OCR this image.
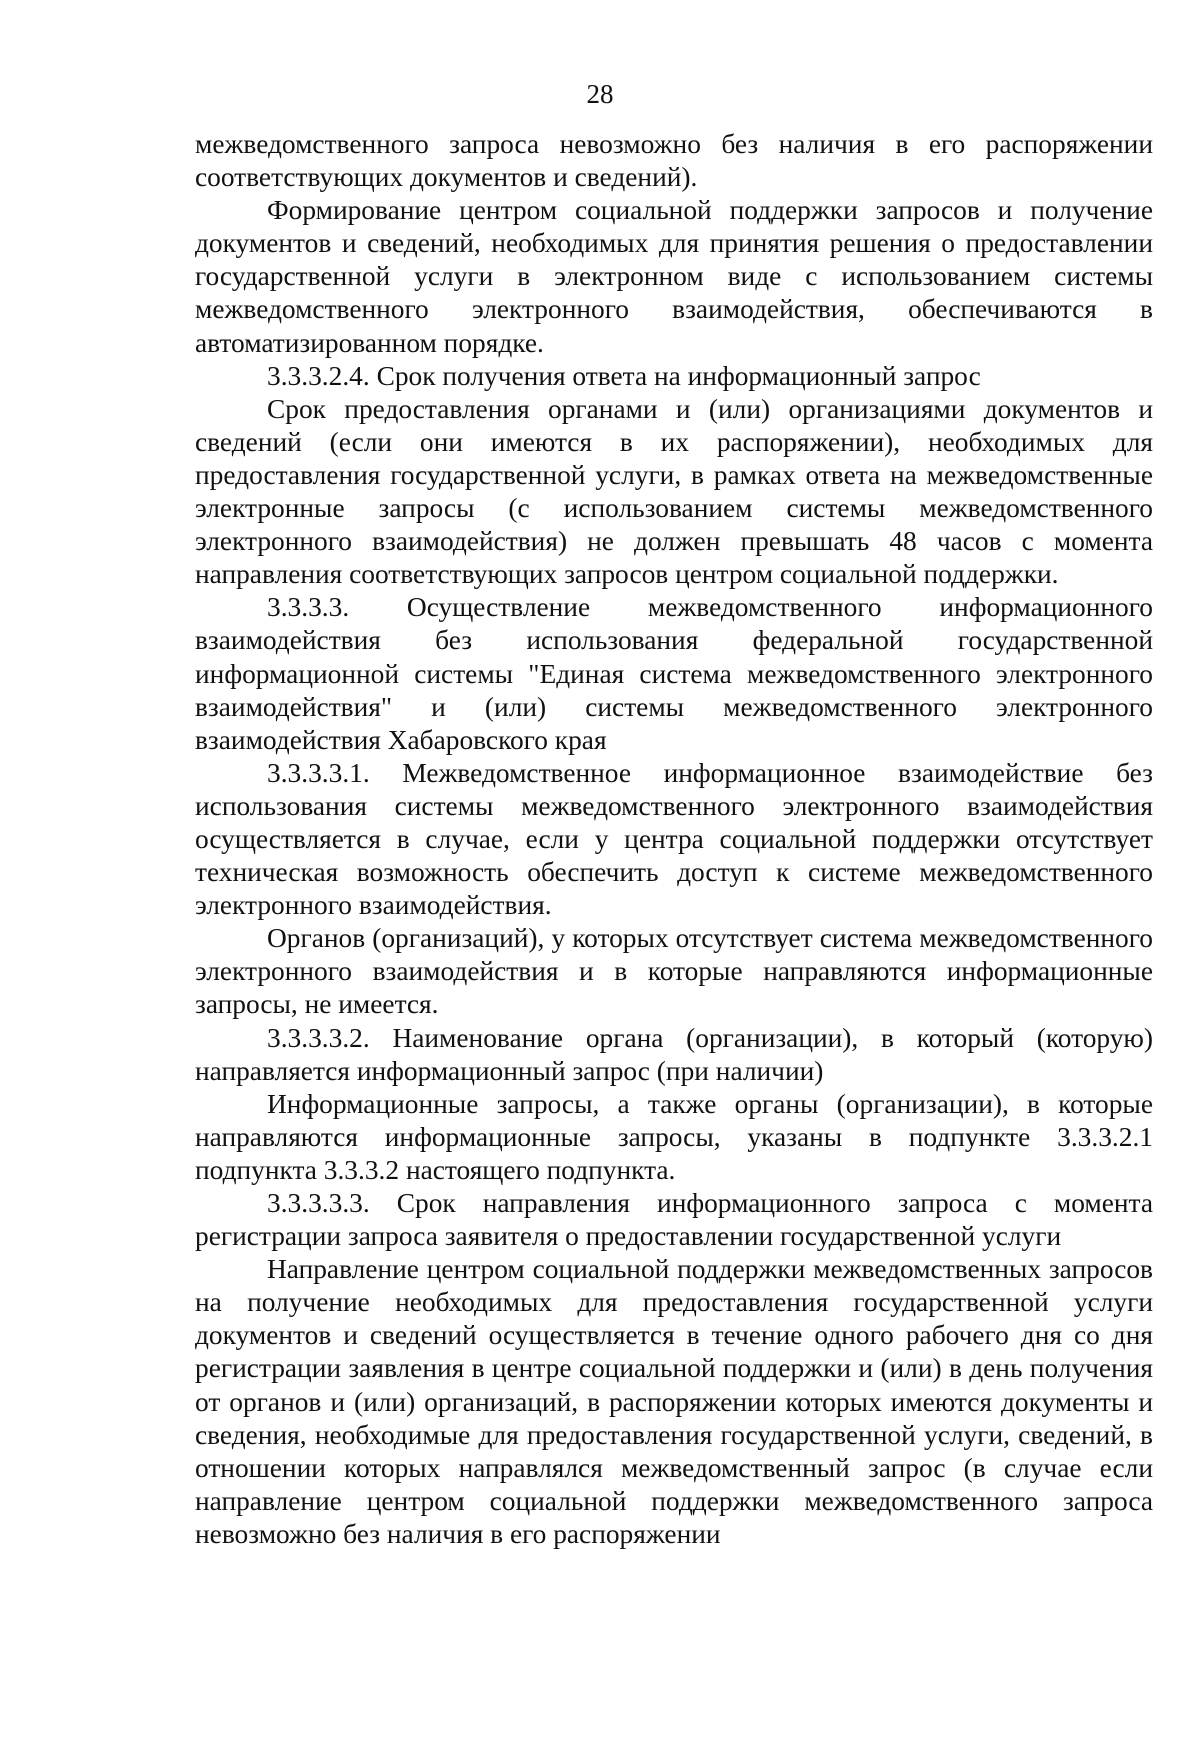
28

межведомственного запроса невозможно без наличия в его распоряжении соответствующих документов и сведений).

Формирование центром социальной поддержки запросов и получение документов и сведений, необходимых для принятия решения о предоставлении государственной услуги в электронном виде с использованием системы межведомственного электронного взаимодействия, обеспечиваются в автоматизированном порядке.

3.3.3.2.4. Срок получения ответа на информационный запрос

Срок предоставления органами и (или) организациями документов и сведений (если они имеются в их распоряжении), необходимых для предоставления государственной услуги, в рамках ответа на межведомственные электронные запросы (с использованием системы межведомственного электронного взаимодействия) не должен превышать 48 часов с момента направления соответствующих запросов центром социальной поддержки.

3.3.3.3. Осуществление межведомственного информационного взаимодействия без использования федеральной государственной информационной системы "Единая система межведомственного электронного взаимодействия" и (или) системы межведомственного электронного взаимодействия Хабаровского края

3.3.3.3.1. Межведомственное информационное взаимодействие без использования системы межведомственного электронного взаимодействия осуществляется в случае, если у центра социальной поддержки отсутствует техническая возможность обеспечить доступ к системе межведомственного электронного взаимодействия.

Органов (организаций), у которых отсутствует система межведомственного электронного взаимодействия и в которые направляются информационные запросы, не имеется.

3.3.3.3.2. Наименование органа (организации), в который (которую) направляется информационный запрос (при наличии)

Информационные запросы, а также органы (организации), в которые направляются информационные запросы, указаны в подпункте 3.3.3.2.1 подпункта 3.3.3.2 настоящего подпункта.

3.3.3.3.3. Срок направления информационного запроса с момента регистрации запроса заявителя о предоставлении государственной услуги

Направление центром социальной поддержки межведомственных запросов на получение необходимых для предоставления государственной услуги документов и сведений осуществляется в течение одного рабочего дня со дня регистрации заявления в центре социальной поддержки и (или) в день получения от органов и (или) организаций, в распоряжении которых имеются документы и сведения, необходимые для предоставления государственной услуги, сведений, в отношении которых направлялся межведомственный запрос (в случае если направление центром социальной поддержки межведомственного запроса невозможно без наличия в его распоряжении
